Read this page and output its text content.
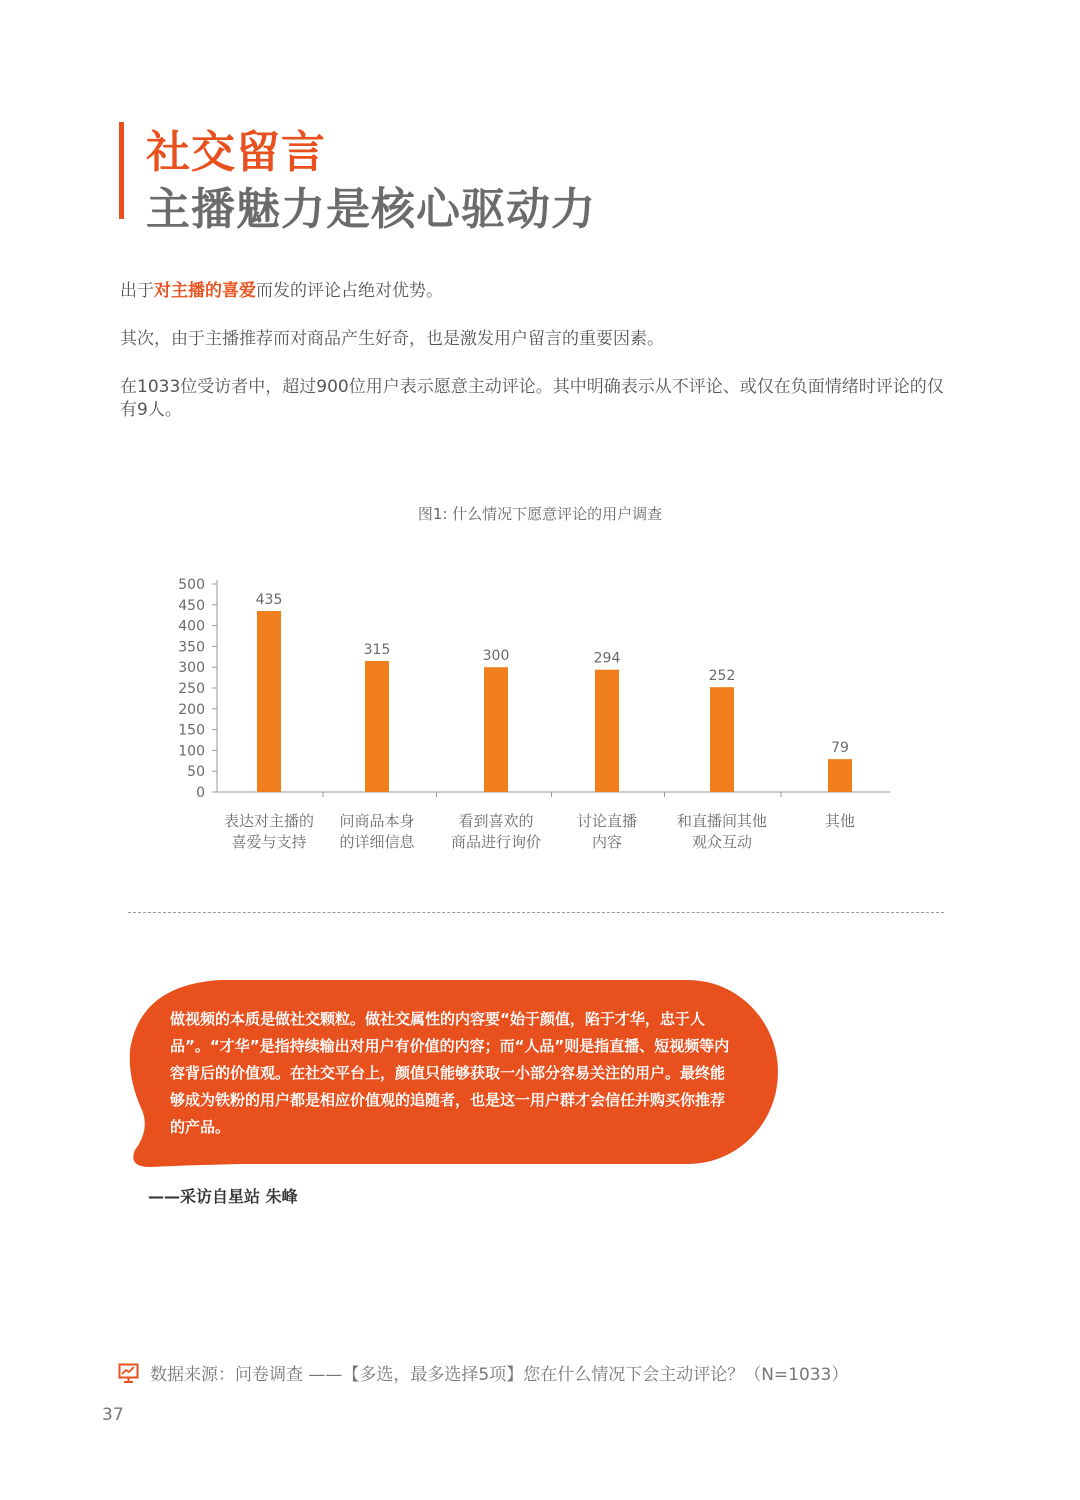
社交留言
主播魅力是核心驱动力
出于对主播的喜爱而发的评论占绝对优势。
其次，由于主播推荐而对商品产生好奇，也是激发用户留言的重要因素。
在1033位受访者中，超过900位用户表示愿意主动评论。其中明确表示从不评论、或仅在负面情绪时评论的仅有9人。
图1: 什么情况下愿意评论的用户调查
0
50
100
150
200
250
300
350
400
450
500
435
表达对主播的
喜爱与支持
315
问商品本身
的详细信息
300
看到喜欢的
商品进行询价
294
讨论直播
内容
252
和直播间其他
观众互动
79
其他
做视频的本质是做社交颗粒。做社交属性的内容要“始于颜值，陷于才华，忠于人品”。“才华”是指持续输出对用户有价值的内容；而“人品”则是指直播、短视频等内容背后的价值观。在社交平台上，颜值只能够获取一小部分容易关注的用户。最终能够成为铁粉的用户都是相应价值观的追随者，也是这一用户群才会信任并购买你推荐的产品。
——采访自星站 朱峰
数据来源：问卷调查 ——【多选，最多选择5项】您在什么情况下会主动评论？（N=1033）
37
